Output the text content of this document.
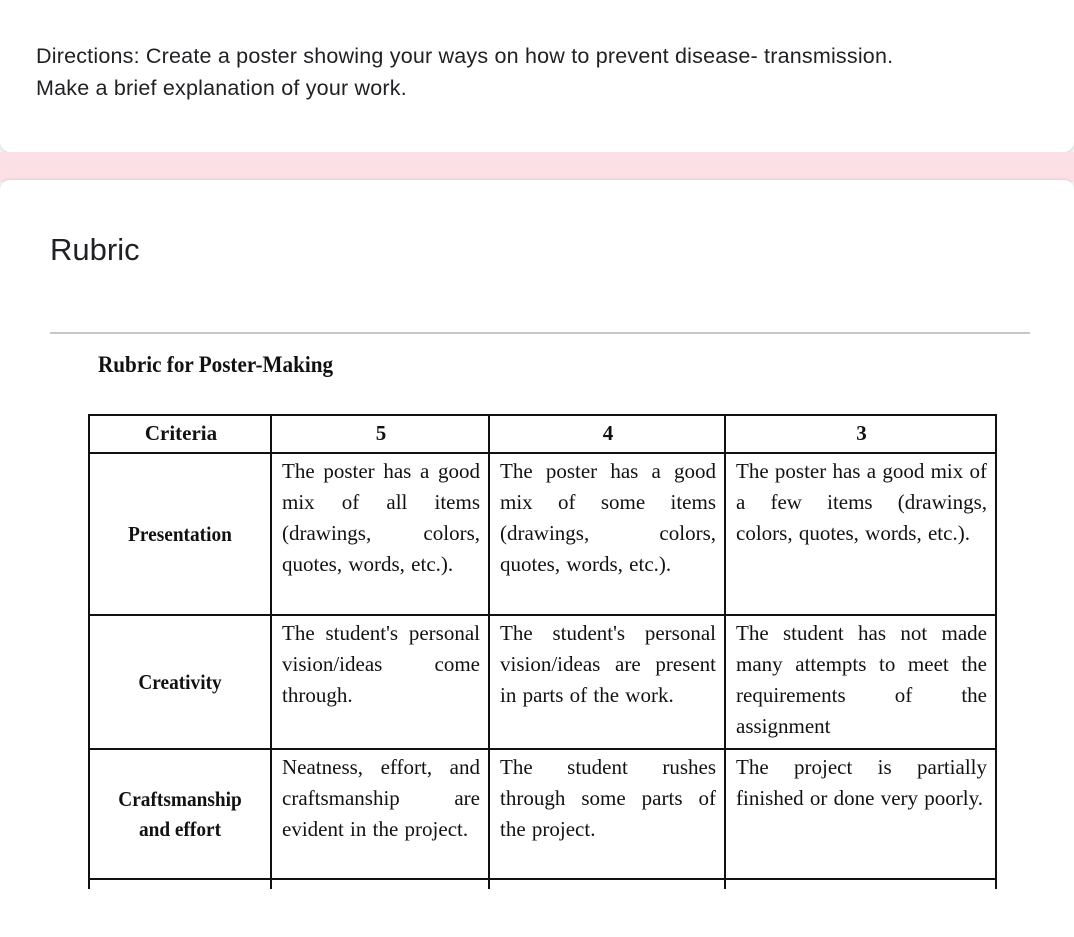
Directions: Create a poster showing your ways on how to prevent disease- transmission.
Make a brief explanation of your work.
Rubric
Rubric for Poster-Making
Criteria	5	4	3
Presentation	The poster has a good mix of all items (drawings, colors, quotes, words, etc.).	The poster has a good mix of some items (drawings, colors, quotes, words, etc.).	The poster has a good mix of a few items (drawings, colors, quotes, words, etc.).

Creativity	The student's personal vision/ideas come through.	The student's personal vision/ideas are present in parts of the work.	The student has not made many attempts to meet the requirements of the assignment

Craftsmanship and effort	Neatness, effort, and craftsmanship are evident in the project.	The student rushes through some parts of the project.	The project is partially finished or done very poorly.
